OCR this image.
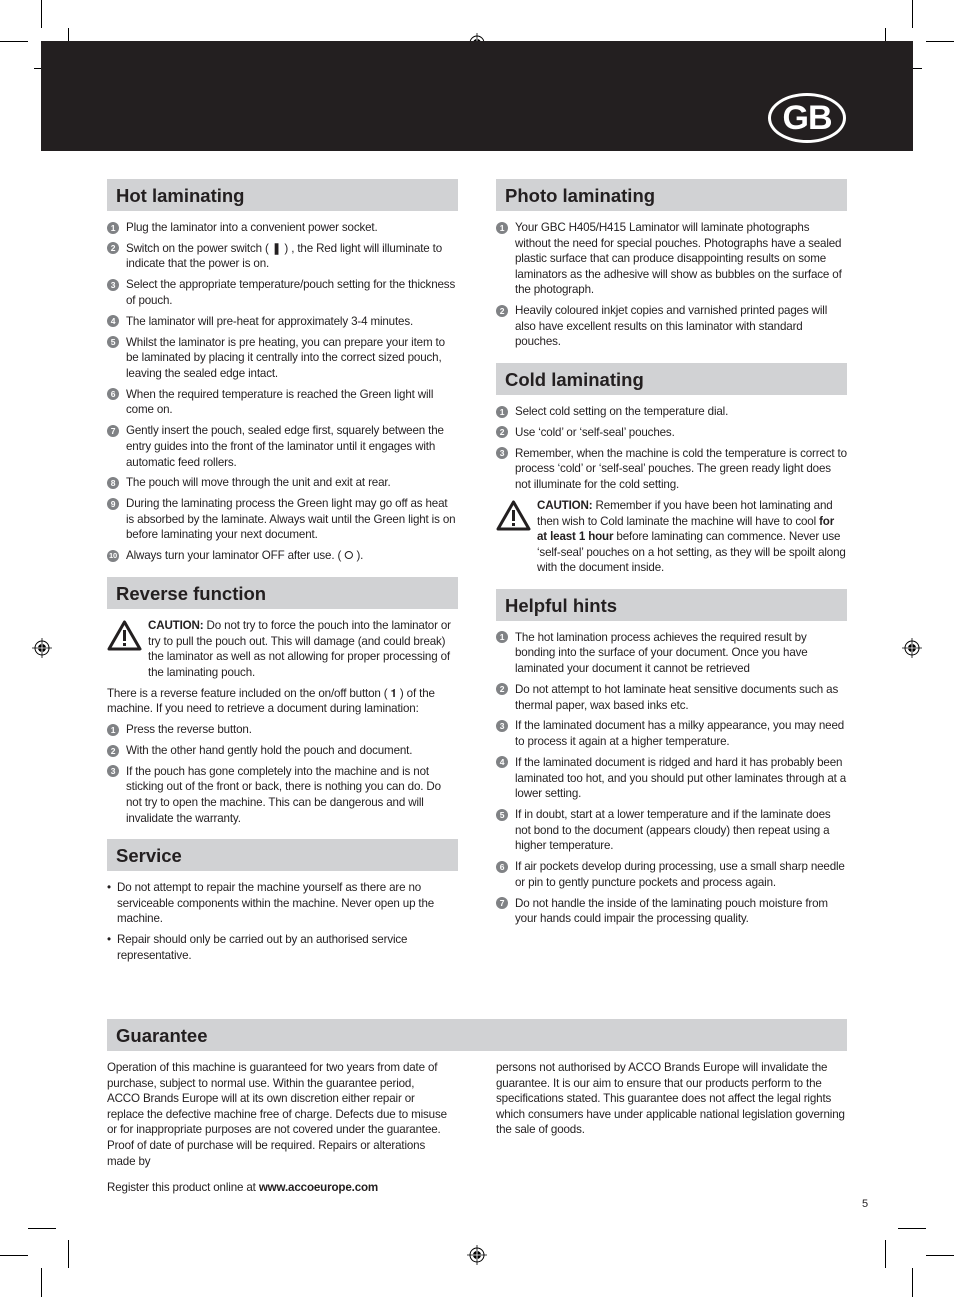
GB
Hot laminating
1 Plug the laminator into a convenient power socket.
2 Switch on the power switch ( ❚ ) , the Red light will illuminate to indicate that the power is on.
3 Select the appropriate temperature/pouch setting for the thickness of pouch.
4 The laminator will pre-heat for approximately 3-4 minutes.
5 Whilst the laminator is pre heating, you can prepare your item to be laminated by placing it centrally into the correct sized pouch, leaving the sealed edge intact.
6 When the required temperature is reached the Green light will come on.
7 Gently insert the pouch, sealed edge first, squarely between the entry guides into the front of the laminator until it engages with automatic feed rollers.
8 The pouch will move through the unit and exit at rear.
9 During the laminating process the Green light may go off as heat is absorbed by the laminate. Always wait until the Green light is on before laminating your next document.
10 Always turn your laminator OFF after use. ( ⭘ ).
Reverse function
CAUTION: Do not try to force the pouch into the laminator or try to pull the pouch out. This will damage (and could break) the laminator as well as not allowing for proper processing of the laminating pouch.

There is a reverse feature included on the on/off button ( 𝟏 ) of the machine. If you need to retrieve a document during lamination:

1 Press the reverse button.
2 With the other hand gently hold the pouch and document.
3 If the pouch has gone completely into the machine and is not sticking out of the front or back, there is nothing you can do. Do not try to open the machine. This can be dangerous and will invalidate the warranty.
Service
• Do not attempt to repair the machine yourself as there are no serviceable components within the machine. Never open up the machine.
• Repair should only be carried out by an authorised service representative.
Photo laminating
1 Your GBC H405/H415 Laminator will laminate photographs without the need for special pouches. Photographs have a sealed plastic surface that can produce disappointing results on some laminators as the adhesive will show as bubbles on the surface of the photograph.
2 Heavily coloured inkjet copies and varnished printed pages will also have excellent results on this laminator with standard pouches.
Cold laminating
1 Select cold setting on the temperature dial.
2 Use ‘cold’ or ‘self-seal’ pouches.
3 Remember, when the machine is cold the temperature is correct to process ‘cold’ or ‘self-seal’ pouches. The green ready light does not illuminate for the cold setting.
CAUTION: Remember if you have been hot laminating and then wish to Cold laminate the machine will have to cool for at least 1 hour before laminating can commence. Never use ‘self-seal’ pouches on a hot setting, as they will be spoilt along with the document inside.
Helpful hints
1 The hot lamination process achieves the required result by bonding into the surface of your document. Once you have laminated your document it cannot be retrieved
2 Do not attempt to hot laminate heat sensitive documents such as thermal paper, wax based inks etc.
3 If the laminated document has a milky appearance, you may need to process it again at a higher temperature.
4 If the laminated document is ridged and hard it has probably been laminated too hot, and you should put other laminates through at a lower setting.
5 If in doubt, start at a lower temperature and if the laminate does not bond to the document (appears cloudy) then repeat using a higher temperature.
6 If air pockets develop during processing, use a small sharp needle or pin to gently puncture pockets and process again.
7 Do not handle the inside of the laminating pouch moisture from your hands could impair the processing quality.
Guarantee

Operation of this machine is guaranteed for two years from date of purchase, subject to normal use. Within the guarantee period, ACCO Brands Europe will at its own discretion either repair or replace the defective machine free of charge. Defects due to misuse or for inappropriate purposes are not covered under the guarantee. Proof of date of purchase will be required. Repairs or alterations made by

persons not authorised by ACCO Brands Europe will invalidate the guarantee. It is our aim to ensure that our products perform to the specifications stated. This guarantee does not affect the legal rights which consumers have under applicable national legislation governing the sale of goods.

Register this product online at www.accoeurope.com

5
